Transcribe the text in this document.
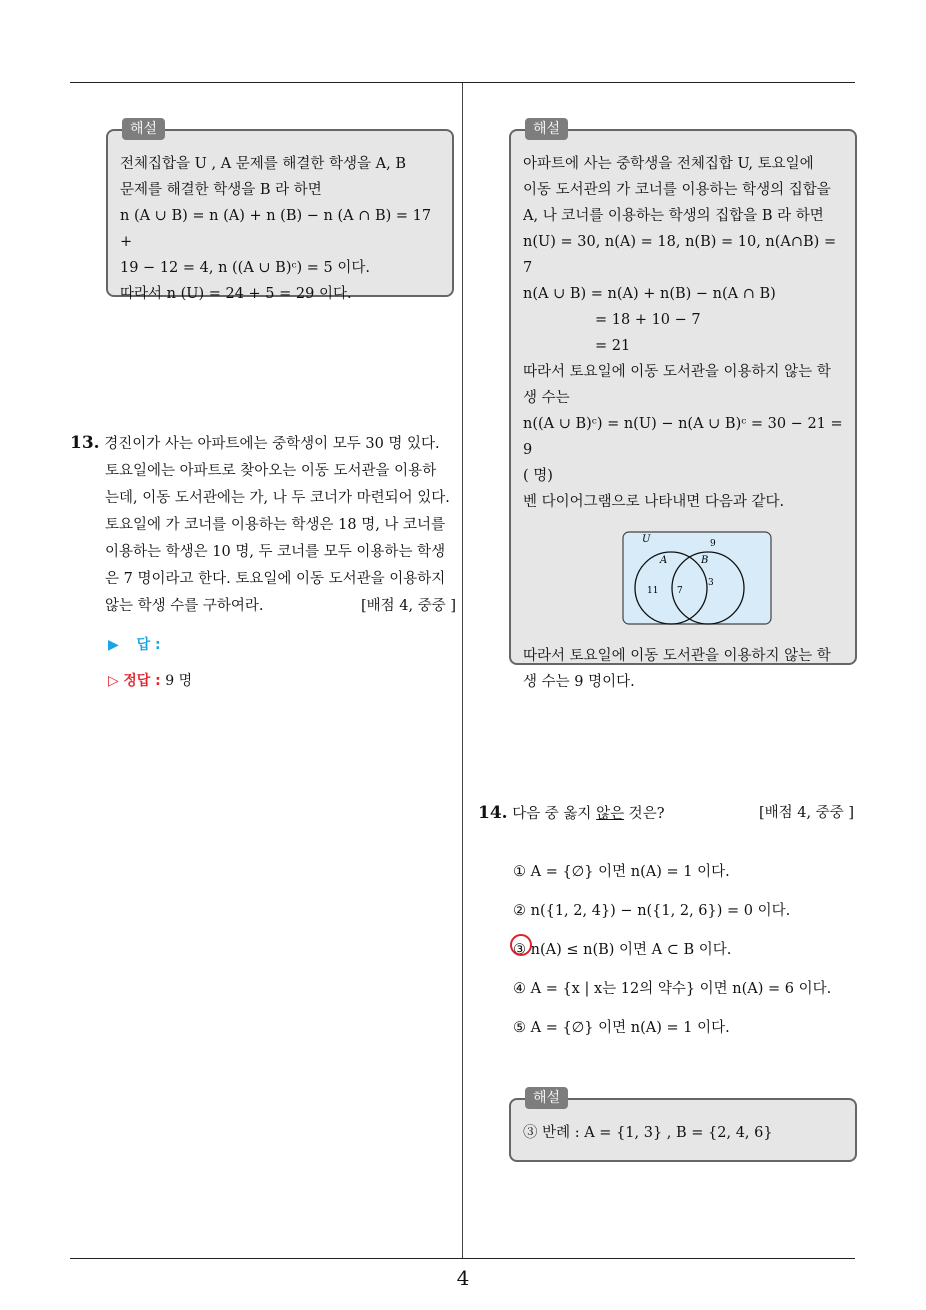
해설

전체집합을 U , A 문제를 해결한 학생을 A, B

문제를 해결한 학생을 B 라 하면

n (A ∪ B) = n (A) + n (B) − n (A ∩ B) = 17 +

19 − 12 = 4, n ((A ∪ B)ᶜ) = 5 이다.

따라서 n (U) = 24 + 5 = 29 이다.

13. 경진이가 사는 아파트에는 중학생이 모두 30 명 있다.
토요일에는 아파트로 찾아오는 이동 도서관을 이용하
는데, 이동 도서관에는 가, 나 두 코너가 마련되어 있다.
토요일에 가 코너를 이용하는 학생은 18 명, 나 코너를
이용하는 학생은 10 명, 두 코너를 모두 이용하는 학생
은 7 명이라고 한다. 토요일에 이동 도서관을 이용하지
않는 학생 수를 구하여라.	[배점 4, 중중 ]
▶ 답 :
▷ 정답 : 9 명
해설

아파트에 사는 중학생을 전체집합 U, 토요일에

이동 도서관의 가 코너를 이용하는 학생의 집합을

A, 나 코너를 이용하는 학생의 집합을 B 라 하면

n(U) = 30, n(A) = 18, n(B) = 10, n(A∩B) = 7

n(A ∪ B) = n(A) + n(B) − n(A ∩ B)

= 18 + 10 − 7

= 21

따라서 토요일에 이동 도서관을 이용하지 않는 학

생 수는

n((A ∪ B)ᶜ) = n(U) − n(A ∪ B)ᶜ = 30 − 21 = 9

( 명)

벤 다이어그램으로 나타내면 다음과 같다.

U
A	B
9
11 7
3

따라서 토요일에 이동 도서관을 이용하지 않는 학

생 수는 9 명이다.

14. 다음 중 옳지 않은 것은?	[배점 4, 중중 ]
① A = {∅} 이면 n(A) = 1 이다.
② n({1, 2, 4}) − n({1, 2, 6}) = 0 이다.
③ n(A) ≤ n(B) 이면 A ⊂ B 이다.
④ A = {x | x는 12의 약수} 이면 n(A) = 6 이다.
⑤ A = {∅} 이면 n(A) = 1 이다.
해설

③ 반례 : A = {1, 3} , B = {2, 4, 6}

4
